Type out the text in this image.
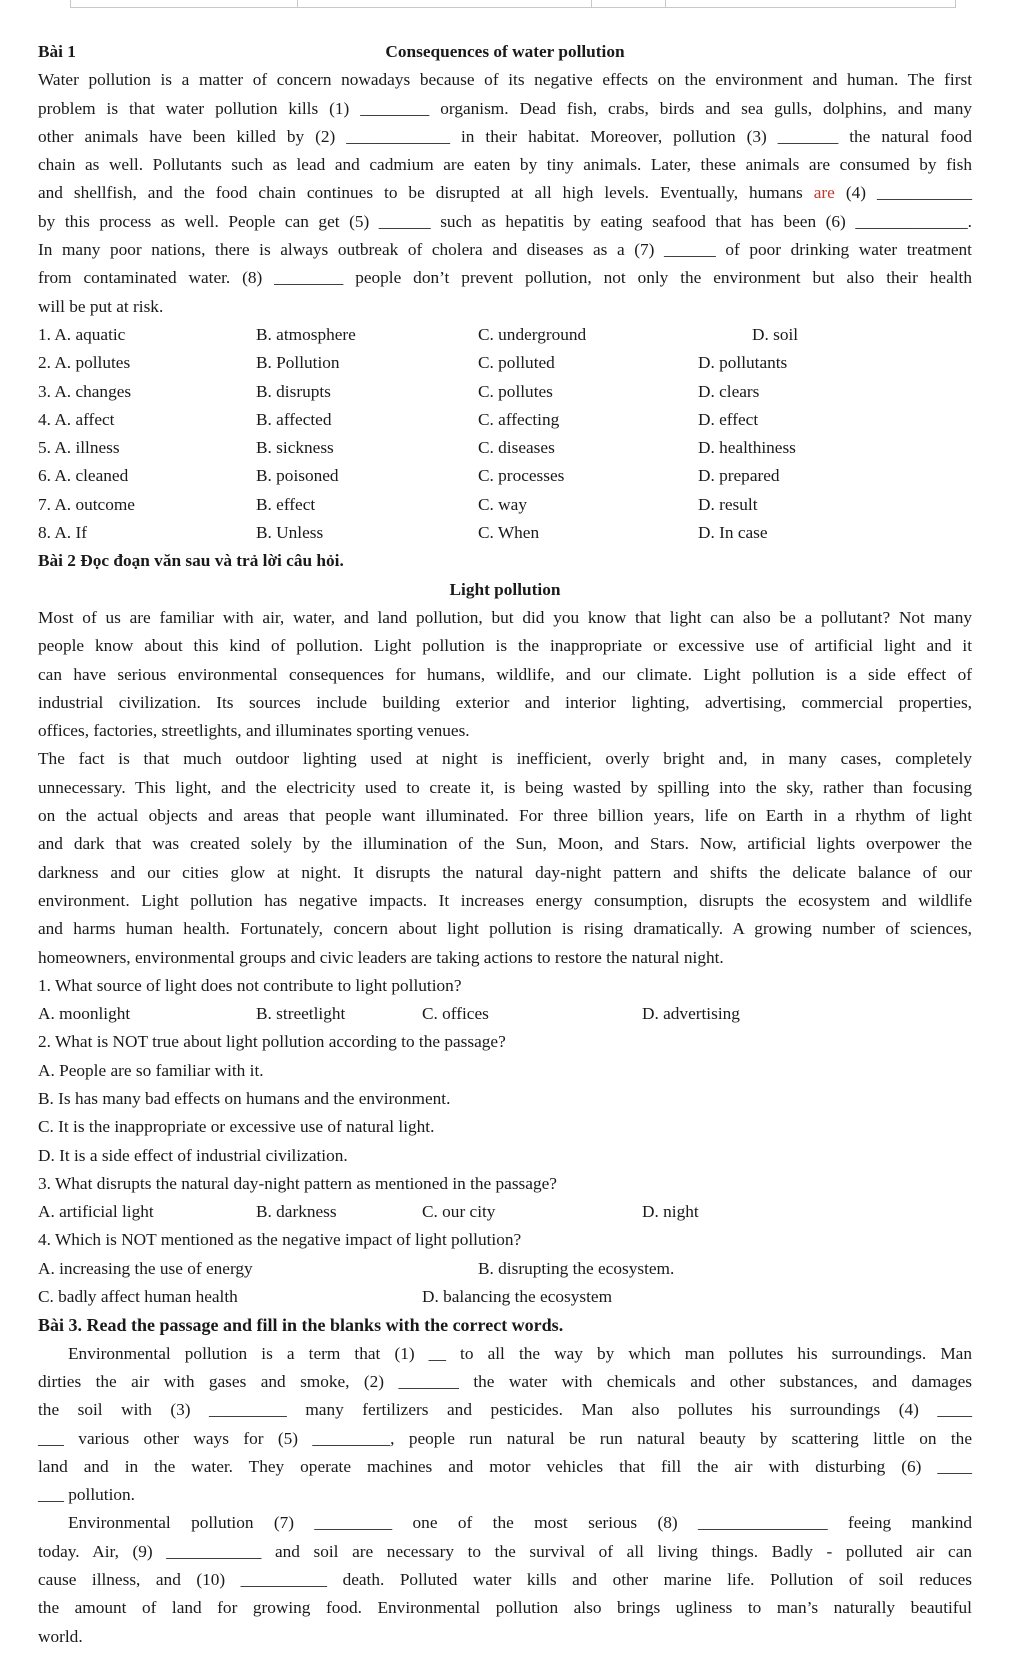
Bài 1	Consequences of water pollution
Water pollution is a matter of concern nowadays because of its negative effects on the environment and human. The first
problem is that water pollution kills (1) ________ organism. Dead fish, crabs, birds and sea gulls, dolphins, and many
other animals have been killed by (2) ____________ in their habitat. Moreover, pollution (3) _______ the natural food
chain as well. Pollutants such as lead and cadmium are eaten by tiny animals. Later, these animals are consumed by fish
and shellfish, and the food chain continues to be disrupted at all high levels. Eventually, humans are (4) ___________
by this process as well. People can get (5) ______ such as hepatitis by eating seafood that has been (6) _____________.
In many poor nations, there is always outbreak of cholera and diseases as a (7) ______ of poor drinking water treatment
from contaminated water. (8) ________ people don’t prevent pollution, not only the environment but also their health
will be put at risk.
1. A. aquatic	B. atmosphere	C. underground	D. soil
2. A. pollutes	B. Pollution	C. polluted	D. pollutants
3. A. changes	B. disrupts	C. pollutes	D. clears
4. A. affect	B. affected	C. affecting	D. effect
5. A. illness	B. sickness	C. diseases	D. healthiness
6. A. cleaned	B. poisoned	C. processes	D. prepared
7. A. outcome	B. effect	C. way	D. result
8. A. If	B. Unless	C. When	D. In case
Bài 2 Đọc đoạn văn sau và trả lời câu hỏi.
Light pollution
Most of us are familiar with air, water, and land pollution, but did you know that light can also be a pollutant? Not many
people know about this kind of pollution. Light pollution is the inappropriate or excessive use of artificial light and it
can have serious environmental consequences for humans, wildlife, and our climate. Light pollution is a side effect of
industrial civilization. Its sources include building exterior and interior lighting, advertising, commercial properties,
offices, factories, streetlights, and illuminates sporting venues.
The fact is that much outdoor lighting used at night is inefficient, overly bright and, in many cases, completely
unnecessary. This light, and the electricity used to create it, is being wasted by spilling into the sky, rather than focusing
on the actual objects and areas that people want illuminated. For three billion years, life on Earth in a rhythm of light
and dark that was created solely by the illumination of the Sun, Moon, and Stars. Now, artificial lights overpower the
darkness and our cities glow at night. It disrupts the natural day-night pattern and shifts the delicate balance of our
environment. Light pollution has negative impacts. It increases energy consumption, disrupts the ecosystem and wildlife
and harms human health. Fortunately, concern about light pollution is rising dramatically. A growing number of sciences,
homeowners, environmental groups and civic leaders are taking actions to restore the natural night.
1. What source of light does not contribute to light pollution?
A. moonlight	B. streetlight	C. offices	D. advertising
2. What is NOT true about light pollution according to the passage?
A. People are so familiar with it.
B. Is has many bad effects on humans and the environment.
C. It is the inappropriate or excessive use of natural light.
D. It is a side effect of industrial civilization.
3. What disrupts the natural day-night pattern as mentioned in the passage?
A. artificial light	B. darkness	C. our city	D. night
4. Which is NOT mentioned as the negative impact of light pollution?
A. increasing the use of energy	B. disrupting the ecosystem.
C. badly affect human health	D. balancing the ecosystem
Bài 3. Read the passage and fill in the blanks with the correct words.
Environmental pollution is a term that (1) __ to all the way by which man pollutes his surroundings. Man
dirties the air with gases and smoke, (2) _______ the water with chemicals and other substances, and damages
the soil with (3) _________ many fertilizers and pesticides. Man also pollutes his surroundings (4) ____
___ various other ways for (5) _________, people run natural be run natural beauty by scattering little on the
land and in the water. They operate machines and motor vehicles that fill the air with disturbing (6) ____
___ pollution.
Environmental pollution (7) _________ one of the most serious (8) _______________ feeing mankind
today. Air, (9) ___________ and soil are necessary to the survival of all living things. Badly - polluted air can
cause illness, and (10) __________ death. Polluted water kills and other marine life. Pollution of soil reduces
the amount of land for growing food. Environmental pollution also brings ugliness to man’s naturally beautiful
world.
